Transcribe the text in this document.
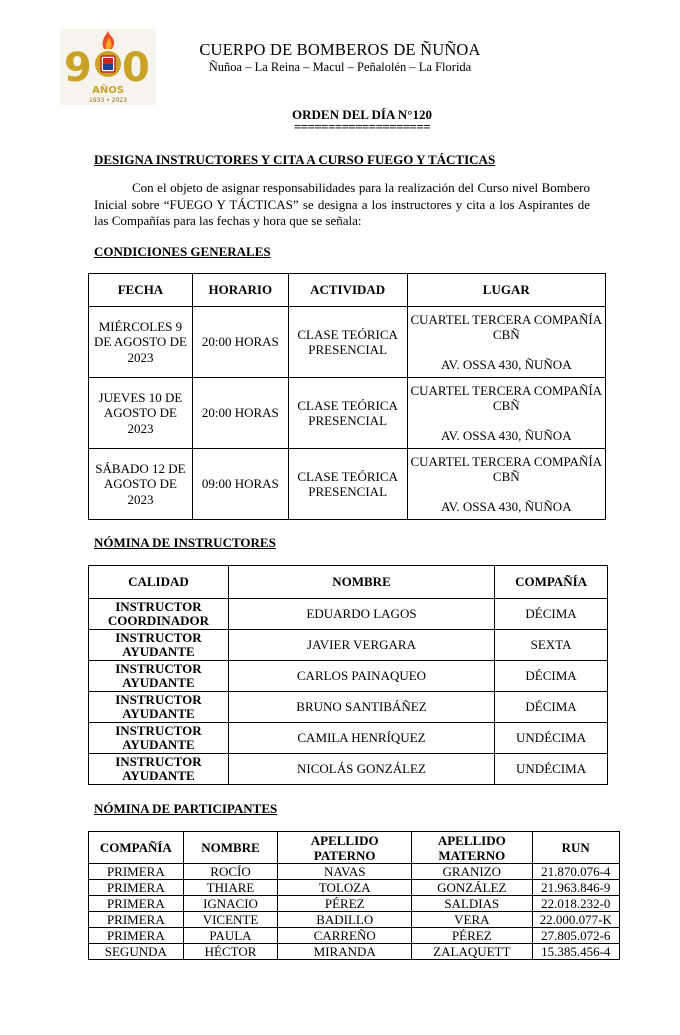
9 0
AÑOS
1933 • 2023
CUERPO DE BOMBEROS DE ÑUÑOA
Ñuñoa – La Reina – Macul – Peñalolén – La Florida
ORDEN DEL DÍA N°120
====================
DESIGNA INSTRUCTORES Y CITA A CURSO FUEGO Y TÁCTICAS
Con el objeto de asignar responsabilidades para la realización del Curso nivel Bombero Inicial sobre “FUEGO Y TÁCTICAS” se designa a los instructores y cita a los Aspirantes de las Compañías para las fechas y hora que se señala:
CONDICIONES GENERALES
FECHA	HORARIO	ACTIVIDAD	LUGAR
MIÉRCOLES 9 DE AGOSTO DE 2023	20:00 HORAS	CLASE TEÓRICA PRESENCIAL	CUARTEL TERCERA COMPAÑÍA CBÑ
AV. OSSA 430, ÑUÑOA

JUEVES 10 DE AGOSTO DE 2023	20:00 HORAS	CLASE TEÓRICA PRESENCIAL	CUARTEL TERCERA COMPAÑÍA CBÑ
AV. OSSA 430, ÑUÑOA

SÁBADO 12 DE AGOSTO DE 2023	09:00 HORAS	CLASE TEÓRICA PRESENCIAL	CUARTEL TERCERA COMPAÑÍA CBÑ
AV. OSSA 430, ÑUÑOA
NÓMINA DE INSTRUCTORES
CALIDAD	NOMBRE	COMPAÑÍA
INSTRUCTOR COORDINADOR	EDUARDO LAGOS	DÉCIMA
INSTRUCTOR AYUDANTE	JAVIER VERGARA	SEXTA
INSTRUCTOR AYUDANTE	CARLOS PAINAQUEO	DÉCIMA
INSTRUCTOR AYUDANTE	BRUNO SANTIBÁÑEZ	DÉCIMA
INSTRUCTOR AYUDANTE	CAMILA HENRÍQUEZ	UNDÉCIMA
INSTRUCTOR AYUDANTE	NICOLÁS GONZÁLEZ	UNDÉCIMA
NÓMINA DE PARTICIPANTES
COMPAÑÍA	NOMBRE	APELLIDO PATERNO	APELLIDO MATERNO	RUN
PRIMERA	ROCÍO	NAVAS	GRANIZO	21.870.076-4
PRIMERA	THIARE	TOLOZA	GONZÁLEZ	21.963.846-9
PRIMERA	IGNACIO	PÉREZ	SALDIAS	22.018.232-0
PRIMERA	VICENTE	BADILLO	VERA	22.000.077-K
PRIMERA	PAULA	CARREÑO	PÉREZ	27.805.072-6
SEGUNDA	HÉCTOR	MIRANDA	ZALAQUETT	15.385.456-4
